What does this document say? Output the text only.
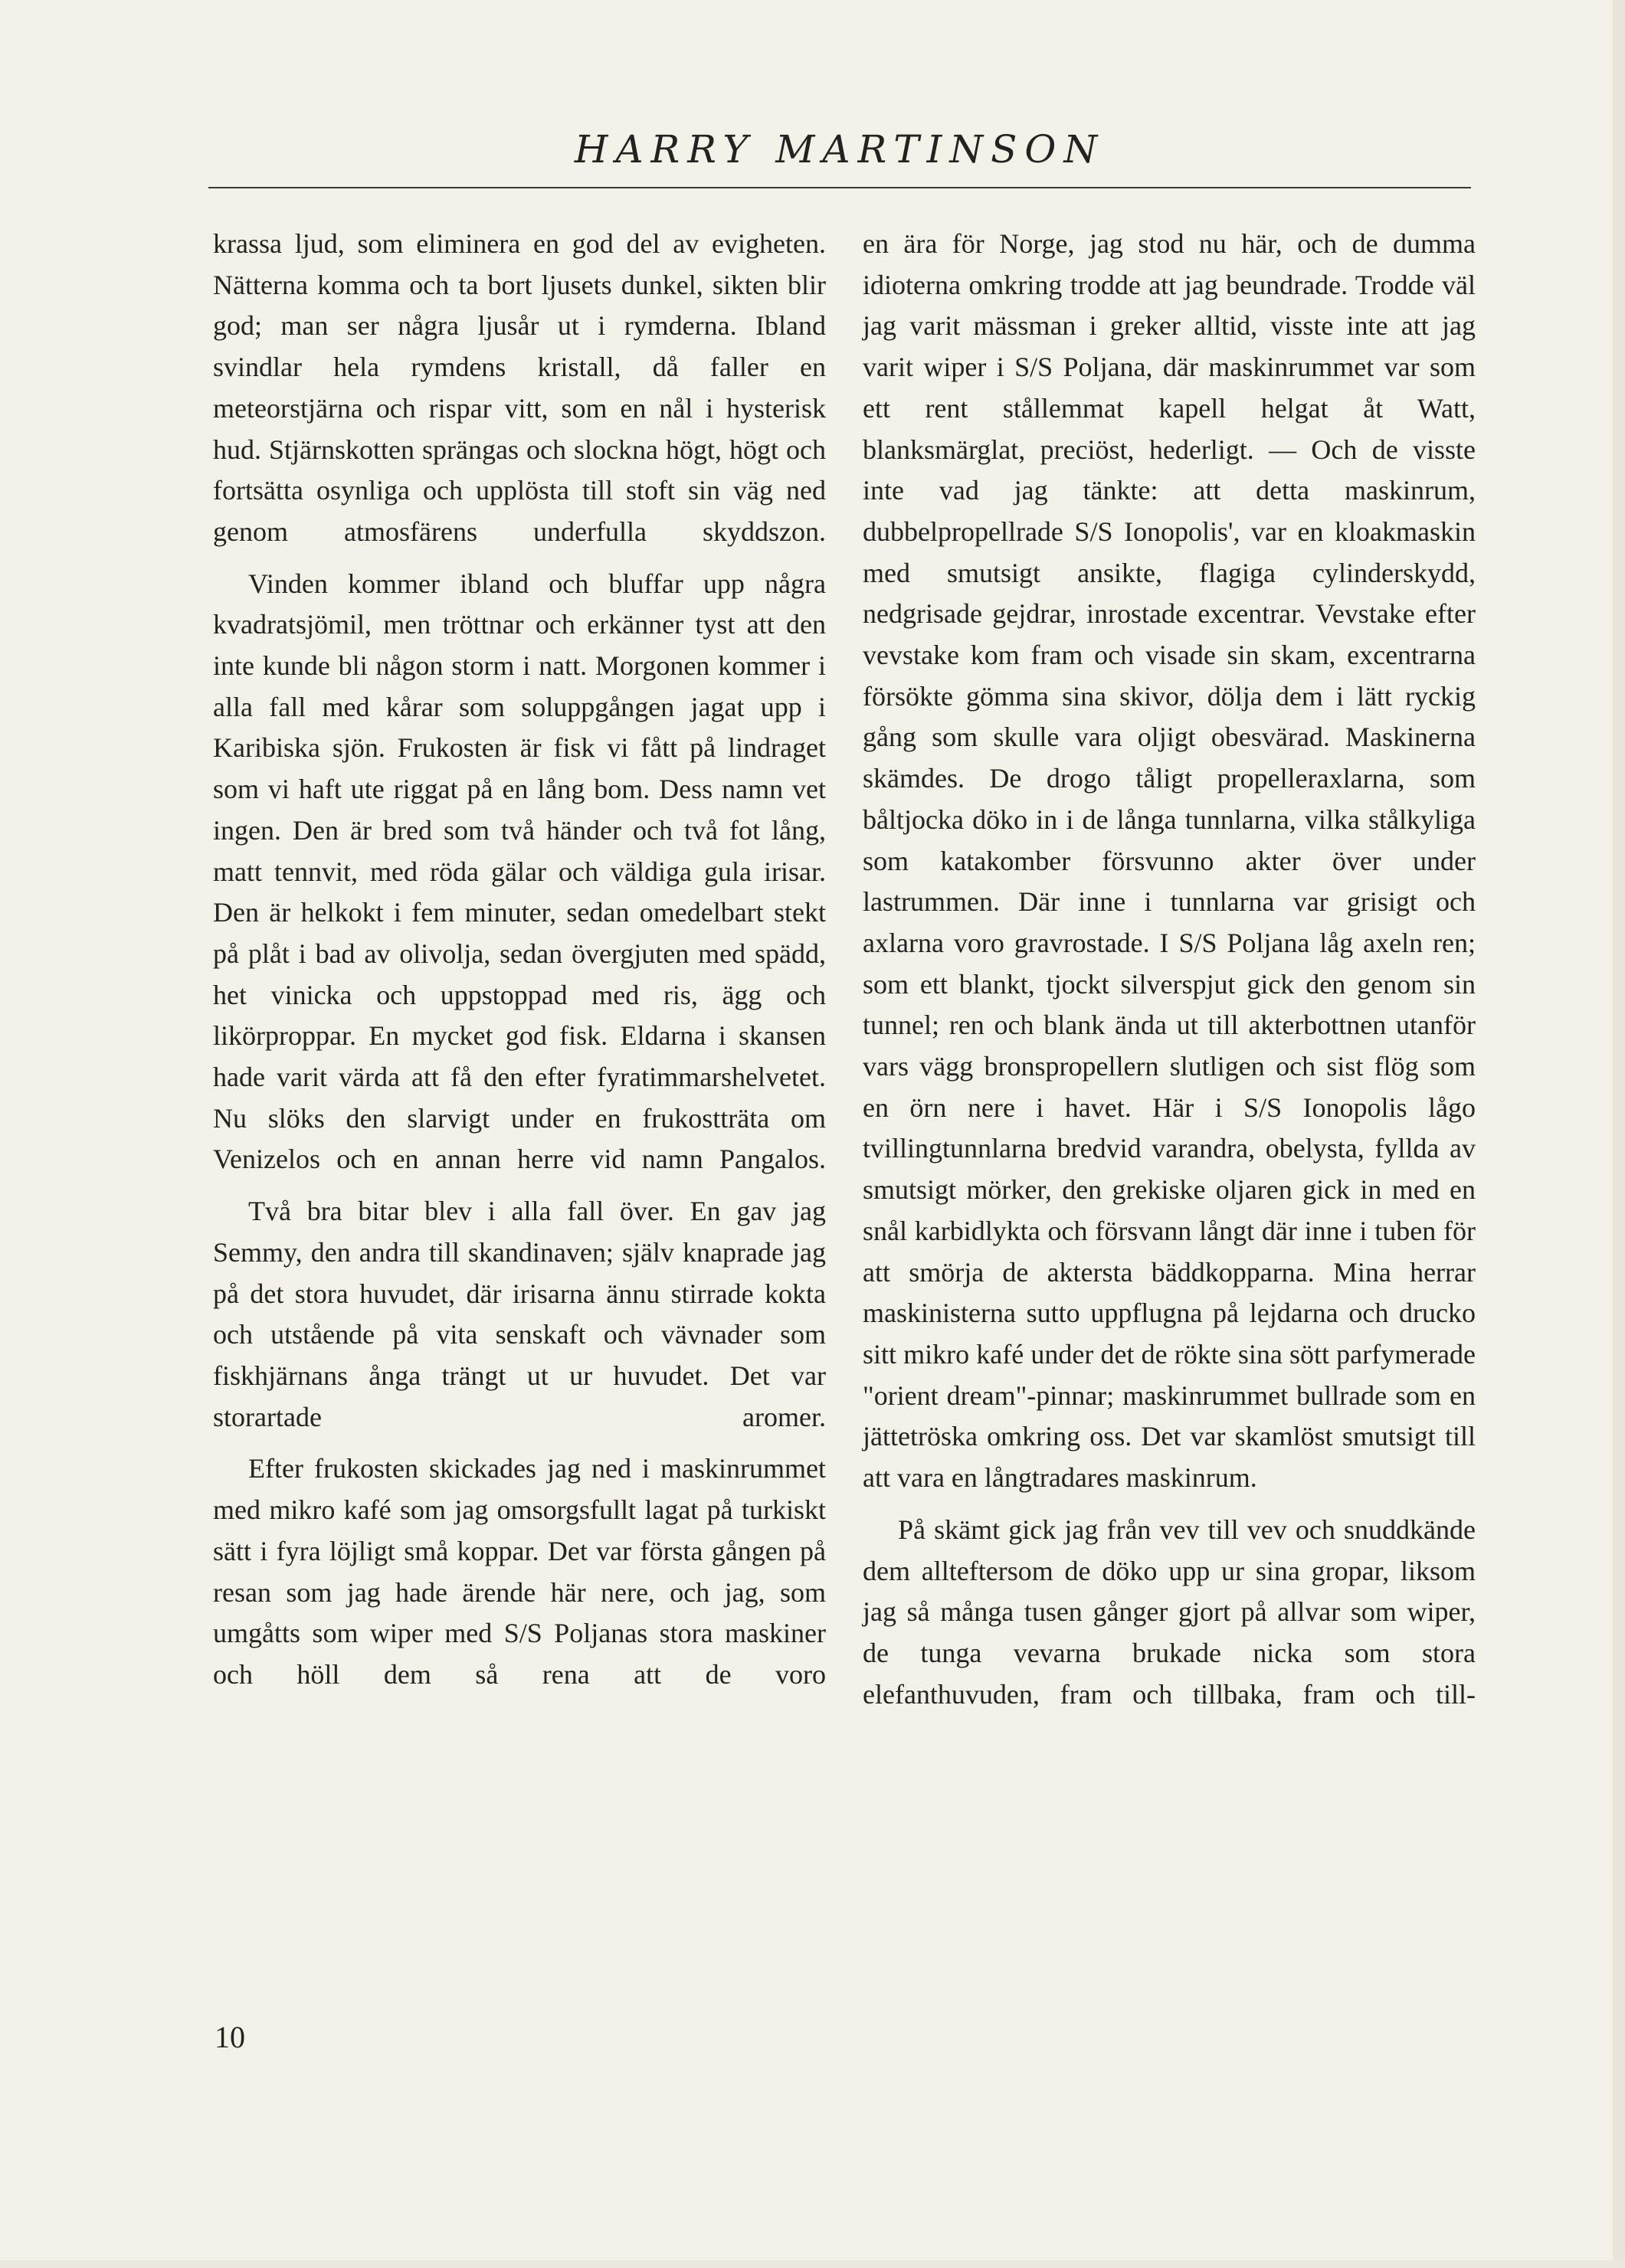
HARRY MARTINSON

krassa ljud, som eliminera en god del av evigheten. Nätterna komma och ta bort ljusets dunkel, sikten blir god; man ser några ljusår ut i rymderna. Ibland svindlar hela rymdens kristall, då faller en meteorstjärna och rispar vitt, som en nål i hysterisk hud. Stjärnskotten sprängas och slockna högt, högt och fortsätta osynliga och upplösta till stoft sin väg ned genom atmosfärens underfulla skyddszon.

Vinden kommer ibland och bluffar upp några kvadratsjömil, men tröttnar och erkänner tyst att den inte kunde bli någon storm i natt. Morgonen kommer i alla fall med kårar som soluppgången jagat upp i Karibiska sjön. Frukosten är fisk vi fått på lindraget som vi haft ute riggat på en lång bom. Dess namn vet ingen. Den är bred som två händer och två fot lång, matt tennvit, med röda gälar och väldiga gula irisar. Den är helkokt i fem minuter, sedan omedelbart stekt på plåt i bad av olivolja, sedan övergjuten med spädd, het vinicka och uppstoppad med ris, ägg och likörproppar. En mycket god fisk. Eldarna i skansen hade varit värda att få den efter fyratimmarshelvetet. Nu slöks den slarvigt under en frukostträta om Venizelos och en annan herre vid namn Pangalos.

Två bra bitar blev i alla fall över. En gav jag Semmy, den andra till skandinaven; själv knaprade jag på det stora huvudet, där irisarna ännu stirrade kokta och utstående på vita senskaft och vävnader som fiskhjärnans ånga trängt ut ur huvudet. Det var storartade aromer.

Efter frukosten skickades jag ned i maskinrummet med mikro kafé som jag omsorgsfullt lagat på turkiskt sätt i fyra löjligt små koppar. Det var första gången på resan som jag hade ärende här nere, och jag, som umgåtts som wiper med S/S Poljanas stora maskiner och höll dem så rena att de voro

en ära för Norge, jag stod nu här, och de dumma idioterna omkring trodde att jag beundrade. Trodde väl jag varit mässman i greker alltid, visste inte att jag varit wiper i S/S Poljana, där maskinrummet var som ett rent stållemmat kapell helgat åt Watt, blanksmärglat, preciöst, hederligt. — Och de visste inte vad jag tänkte: att detta maskinrum, dubbelpropellrade S/S Ionopolis', var en kloakmaskin med smutsigt ansikte, flagiga cylinderskydd, nedgrisade gejdrar, inrostade excentrar. Vevstake efter vevstake kom fram och visade sin skam, excentrarna försökte gömma sina skivor, dölja dem i lätt ryckig gång som skulle vara oljigt obesvärad. Maskinerna skämdes. De drogo tåligt propelleraxlarna, som båltjocka döko in i de långa tunnlarna, vilka stålkyliga som katakomber försvunno akter över under lastrummen. Där inne i tunnlarna var grisigt och axlarna voro gravrostade. I S/S Poljana låg axeln ren; som ett blankt, tjockt silverspjut gick den genom sin tunnel; ren och blank ända ut till akterbottnen utanför vars vägg bronspropellern slutligen och sist flög som en örn nere i havet. Här i S/S Ionopolis lågo tvillingtunnlarna bredvid varandra, obelysta, fyllda av smutsigt mörker, den grekiske oljaren gick in med en snål karbidlykta och försvann långt där inne i tuben för att smörja de aktersta bäddkopparna. Mina herrar maskinisterna sutto uppflugna på lejdarna och drucko sitt mikro kafé under det de rökte sina sött parfymerade "orient dream"-pinnar; maskinrummet bullrade som en jättetröska omkring oss. Det var skamlöst smutsigt till att vara en långtradares maskinrum.

På skämt gick jag från vev till vev och snuddkände dem allteftersom de döko upp ur sina gropar, liksom jag så många tusen gånger gjort på allvar som wiper, de tunga vevarna brukade nicka som stora elefanthuvuden, fram och tillbaka, fram och till-

10
